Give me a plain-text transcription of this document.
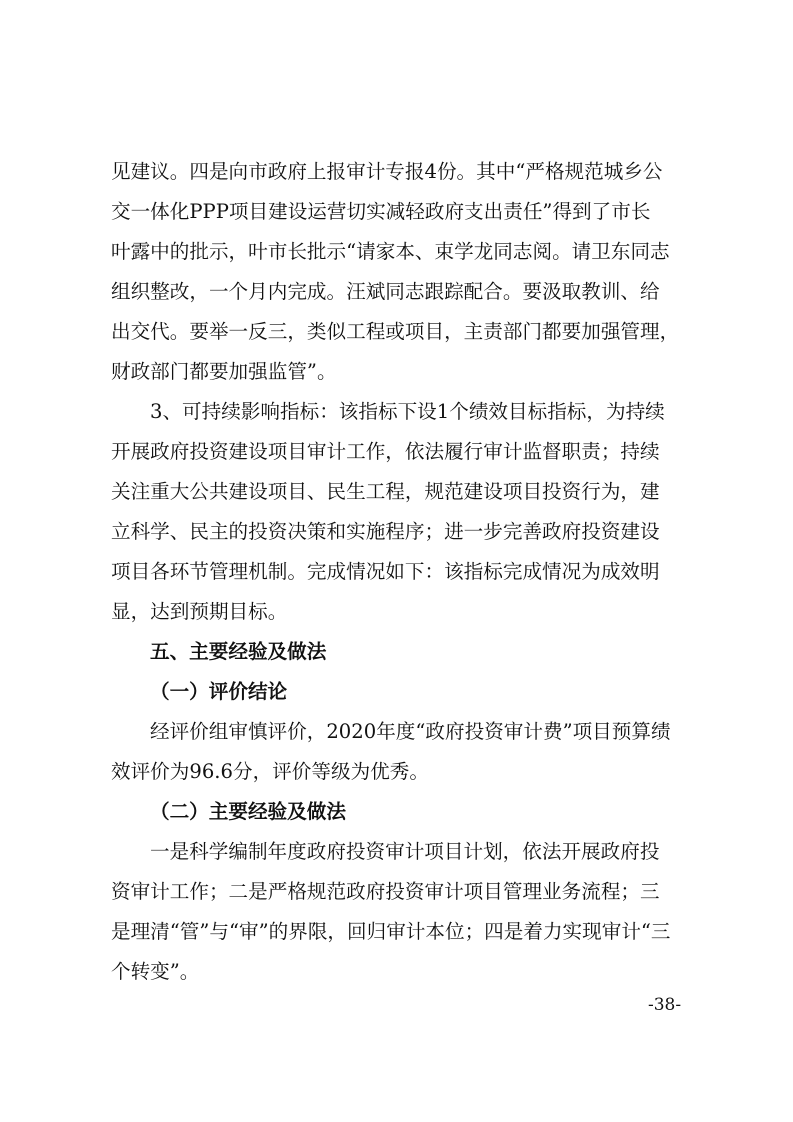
见建议。四是向市政府上报审计专报4份。其中“严格规范城乡公
交一体化PPP项目建设运营切实减轻政府支出责任”得到了市长
叶露中的批示，叶市长批示“请家本、束学龙同志阅。请卫东同志
组织整改，一个月内完成。汪斌同志跟踪配合。要汲取教训、给
出交代。要举一反三，类似工程或项目，主责部门都要加强管理，
财政部门都要加强监管”。
3、可持续影响指标：该指标下设1个绩效目标指标，为持续
开展政府投资建设项目审计工作，依法履行审计监督职责；持续
关注重大公共建设项目、民生工程，规范建设项目投资行为，建
立科学、民主的投资决策和实施程序；进一步完善政府投资建设
项目各环节管理机制。完成情况如下：该指标完成情况为成效明
显，达到预期目标。
五、主要经验及做法
（一）评价结论
经评价组审慎评价，2020年度“政府投资审计费”项目预算绩
效评价为96.6分，评价等级为优秀。
（二）主要经验及做法
一是科学编制年度政府投资审计项目计划，依法开展政府投
资审计工作；二是严格规范政府投资审计项目管理业务流程；三
是理清“管”与“审”的界限，回归审计本位；四是着力实现审计“三
个转变”。
-38-
